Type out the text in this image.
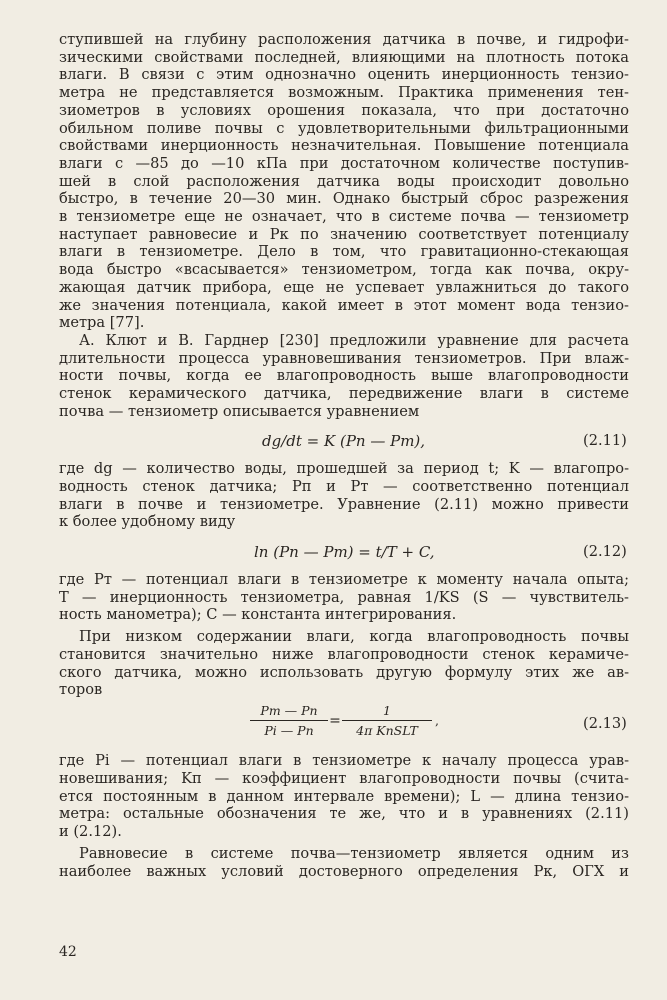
ступившей на глубину расположения датчика в почве, и гидрофи-
зическими свойствами последней, влияющими на плотность потока
влаги. В связи с этим однозначно оценить инерционность тензио-
метра не представляется возможным. Практика применения тен-
зиометров в условиях орошения показала, что при достаточно
обильном поливе почвы с удовлетворительными фильтрационными
свойствами инерционность незначительная. Повышение потенциала
влаги с —85 до —10 кПа при достаточном количестве поступив-
шей в слой расположения датчика воды происходит довольно
быстро, в течение 20—30 мин. Однако быстрый сброс разрежения
в тензиометре еще не означает, что в системе почва — тензиометр
наступает равновесие и Pк по значению соответствует потенциалу
влаги в тензиометре. Дело в том, что гравитационно-стекающая
вода быстро «всасывается» тензиометром, тогда как почва, окру-
жающая датчик прибора, еще не успевает увлажниться до такого
же значения потенциала, какой имеет в этот момент вода тензио-
метра [77].
А. Клют и В. Гарднер [230] предложили уравнение для расчета
длительности процесса уравновешивания тензиометров. При влаж-
ности почвы, когда ее влагопроводность выше влагопроводности
стенок керамического датчика, передвижение влаги в системе
почва — тензиометр описывается уравнением
dg/dt = K (Pп — Pт),	(2.11)
где dg — количество воды, прошедшей за период t; K — влагопро-
водность стенок датчика; Pп и Pт — соответственно потенциал
влаги в почве и тензиометре. Уравнение (2.11) можно привести
к более удобному виду
ln (Pп — Pт) = t/T + C,	(2.12)
где Pт — потенциал влаги в тензиометре к моменту начала опыта;
T — инерционность тензиометра, равная 1/KS (S — чувствитель-
ность манометра); C — константа интегрирования.
При низком содержании влаги, когда влагопроводность почвы
становится значительно ниже влагопроводности стенок керамиче-
ского датчика, можно использовать другую формулу этих же ав-
торов
Pт — Pп
Pi — Pп
=
1
4π KпSLT
,	(2.13)
где Pi — потенциал влаги в тензиометре к началу процесса урав-
новешивания; Kп — коэффициент влагопроводности почвы (счита-
ется постоянным в данном интервале времени); L — длина тензио-
метра: остальные обозначения те же, что и в уравнениях (2.11)
и (2.12).
Равновесие в системе почва—тензиометр является одним из
наиболее важных условий достоверного определения Pк, ОГХ и
42
